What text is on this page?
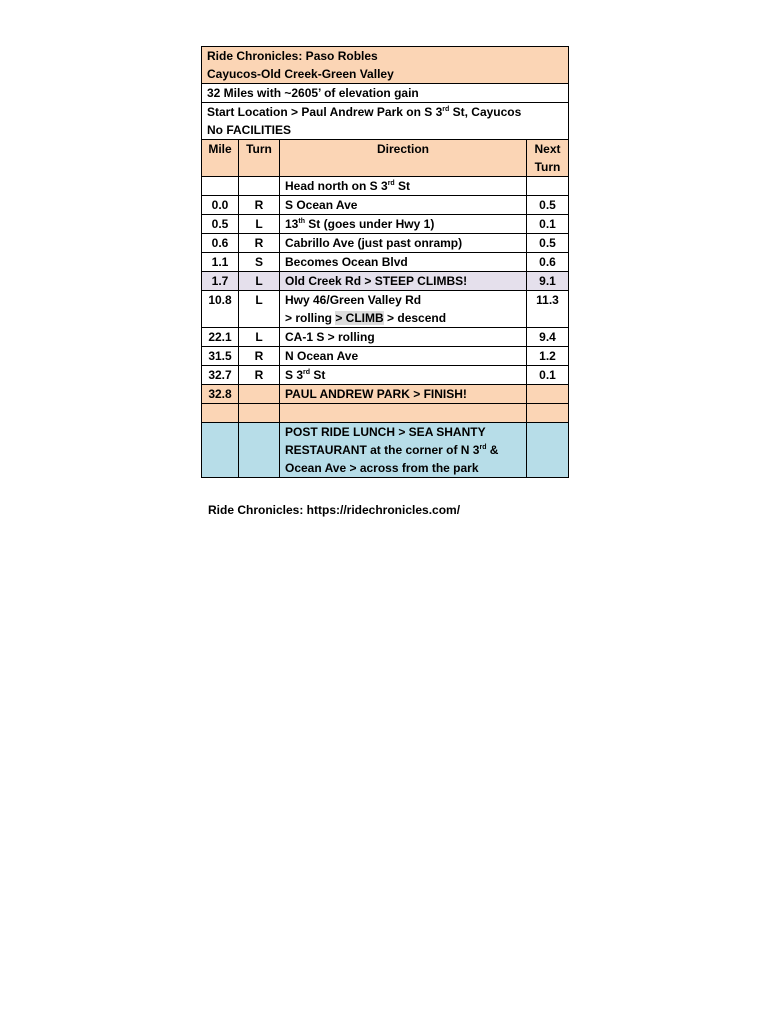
Ride Chronicles: Paso Robles
Cayucos-Old Creek-Green Valley			

32 Miles with ~2605’ of elevation gain			

Start Location > Paul Andrew Park on S 3rd St, Cayucos
No FACILITIES			

Mile	Turn	Direction	Next
Turn

		Head north on S 3rd St	
0.0	R	S Ocean Ave	0.5
0.5	L	13th St (goes under Hwy 1)	0.1
0.6	R	Cabrillo Ave (just past onramp)	0.5
1.1	S	Becomes Ocean Blvd	0.6
1.7	L	Old Creek Rd > STEEP CLIMBS!	9.1
10.8	L	Hwy 46/Green Valley Rd
> rolling > CLIMB > descend	11.3
22.1	L	CA-1 S > rolling	9.4
31.5	R	N Ocean Ave	1.2
32.7	R	S 3rd St	0.1
32.8		PAUL ANDREW PARK > FINISH!	

		POST RIDE LUNCH > SEA SHANTY
RESTAURANT at the corner of N 3rd &
Ocean Ave > across from the park	

Ride Chronicles: https://ridechronicles.com/
